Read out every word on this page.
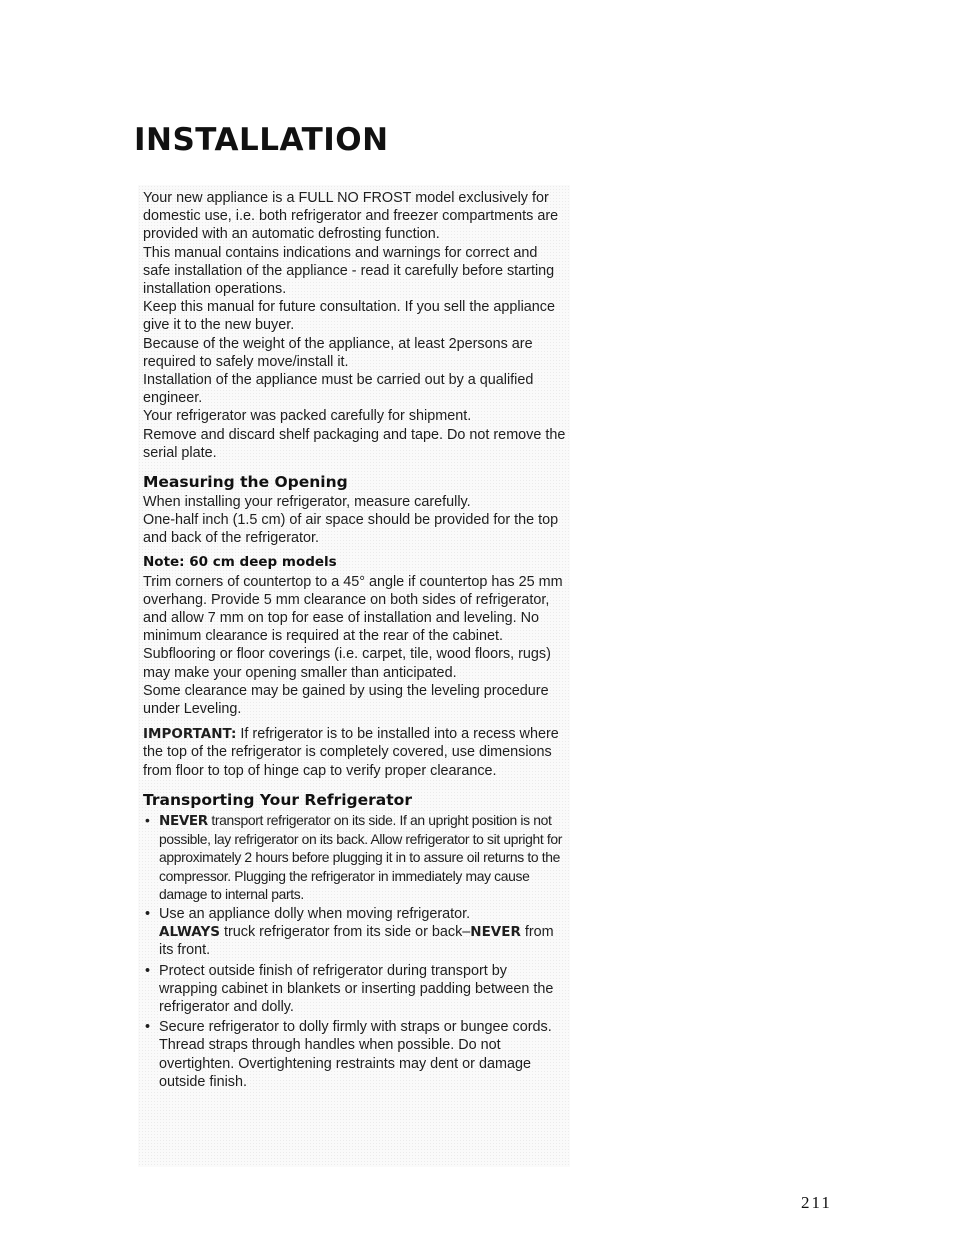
INSTALLATION

Your new appliance is a FULL NO FROST model exclusively for domestic use, i.e. both refrigerator and freezer compartments are provided with an automatic defrosting function.

This manual contains indications and warnings for correct and safe installation of the appliance - read it carefully before starting installation operations.

Keep this manual for future consultation. If you sell the appliance give it to the new buyer.

Because of the weight of the appliance, at least 2persons are required to safely move/install it.

Installation of the appliance must be carried out by a qualified engineer.

Your refrigerator was packed carefully for shipment.

Remove and discard shelf packaging and tape. Do not remove the serial plate.

Measuring the Opening

When installing your refrigerator, measure carefully.

One-half inch (1.5 cm) of air space should be provided for the top and back of the refrigerator.

Note: 60 cm deep models

Trim corners of countertop to a 45° angle if countertop has 25 mm overhang. Provide 5 mm clearance on both sides of refrigerator, and allow 7 mm on top for ease of installation and leveling. No minimum clearance is required at the rear of the cabinet.

Subflooring or floor coverings (i.e. carpet, tile, wood floors, rugs) may make your opening smaller than anticipated.

Some clearance may be gained by using the leveling procedure under Leveling.

IMPORTANT: If refrigerator is to be installed into a recess where the top of the refrigerator is completely covered, use dimensions from floor to top of hinge cap to verify proper clearance.

Transporting Your Refrigerator
• NEVER transport refrigerator on its side. If an upright position is not possible, lay refrigerator on its back. Allow refrigerator to sit upright for approximately 2 hours before plugging it in to assure oil returns to the compressor. Plugging the refrigerator in immediately may cause damage to internal parts.
• Use an appliance dolly when moving refrigerator.
ALWAYS truck refrigerator from its side or back–NEVER from its front.
• Protect outside finish of refrigerator during transport by wrapping cabinet in blankets or inserting padding between the refrigerator and dolly.
• Secure refrigerator to dolly firmly with straps or bungee cords. Thread straps through handles when possible. Do not overtighten. Overtightening restraints may dent or damage outside finish.
211
